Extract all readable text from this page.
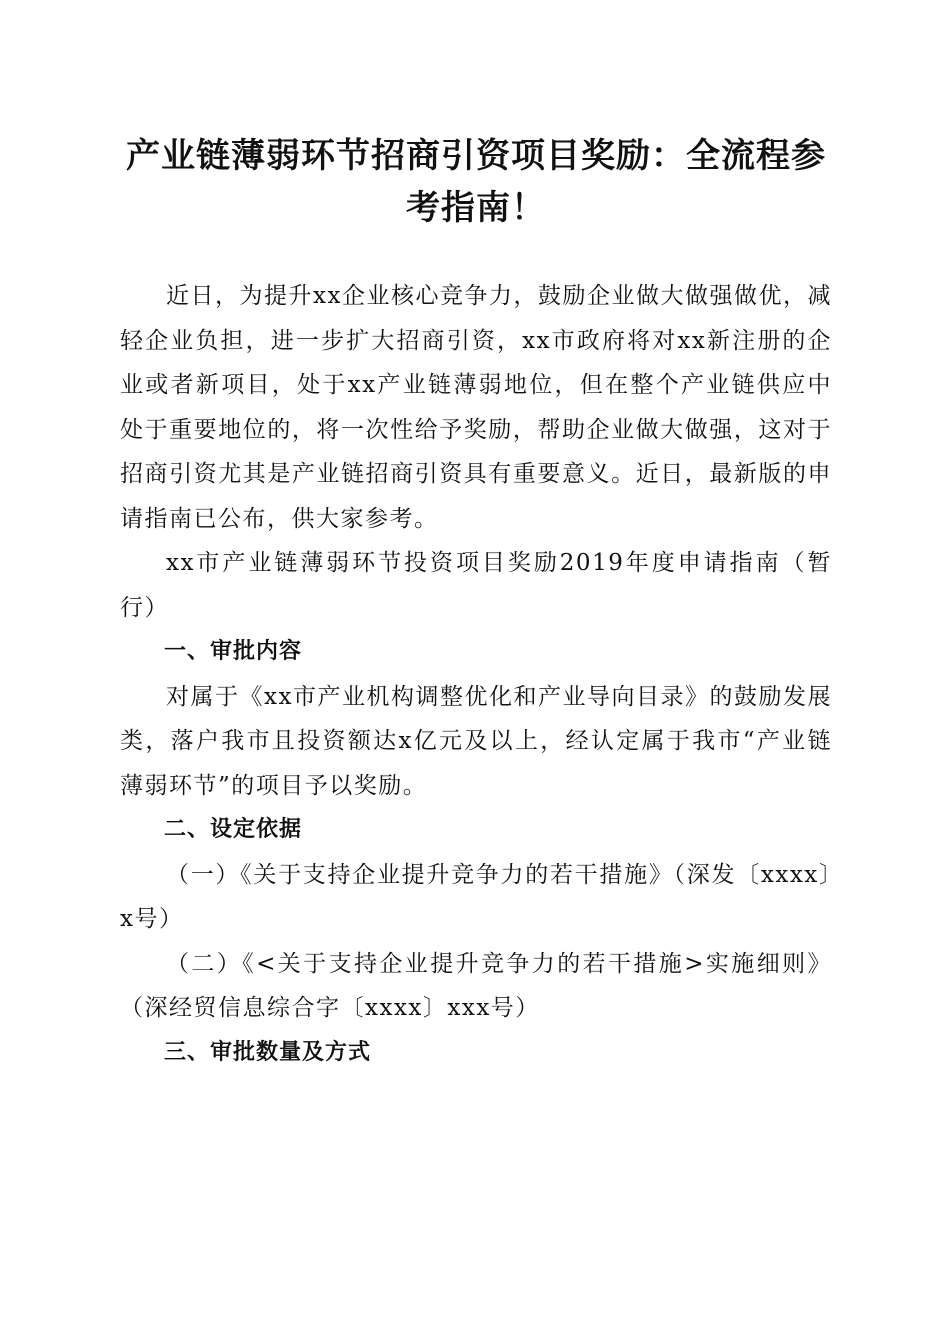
产业链薄弱环节招商引资项目奖励：全流程参考指南！

近日，为提升xx企业核心竞争力，鼓励企业做大做强做优，减轻企业负担，进一步扩大招商引资，xx市政府将对xx新注册的企业或者新项目，处于xx产业链薄弱地位，但在整个产业链供应中处于重要地位的，将一次性给予奖励，帮助企业做大做强，这对于招商引资尤其是产业链招商引资具有重要意义。近日，最新版的申请指南已公布，供大家参考。

xx市产业链薄弱环节投资项目奖励2019年度申请指南（暂行）

一、审批内容

对属于《xx市产业机构调整优化和产业导向目录》的鼓励发展类，落户我市且投资额达x亿元及以上，经认定属于我市“产业链薄弱环节”的项目予以奖励。

二、设定依据

（一）《关于支持企业提升竞争力的若干措施》（深发〔xxxx〕x号）

（二）《<关于支持企业提升竞争力的若干措施>实施细则》（深经贸信息综合字〔xxxx〕xxx号）

三、审批数量及方式
